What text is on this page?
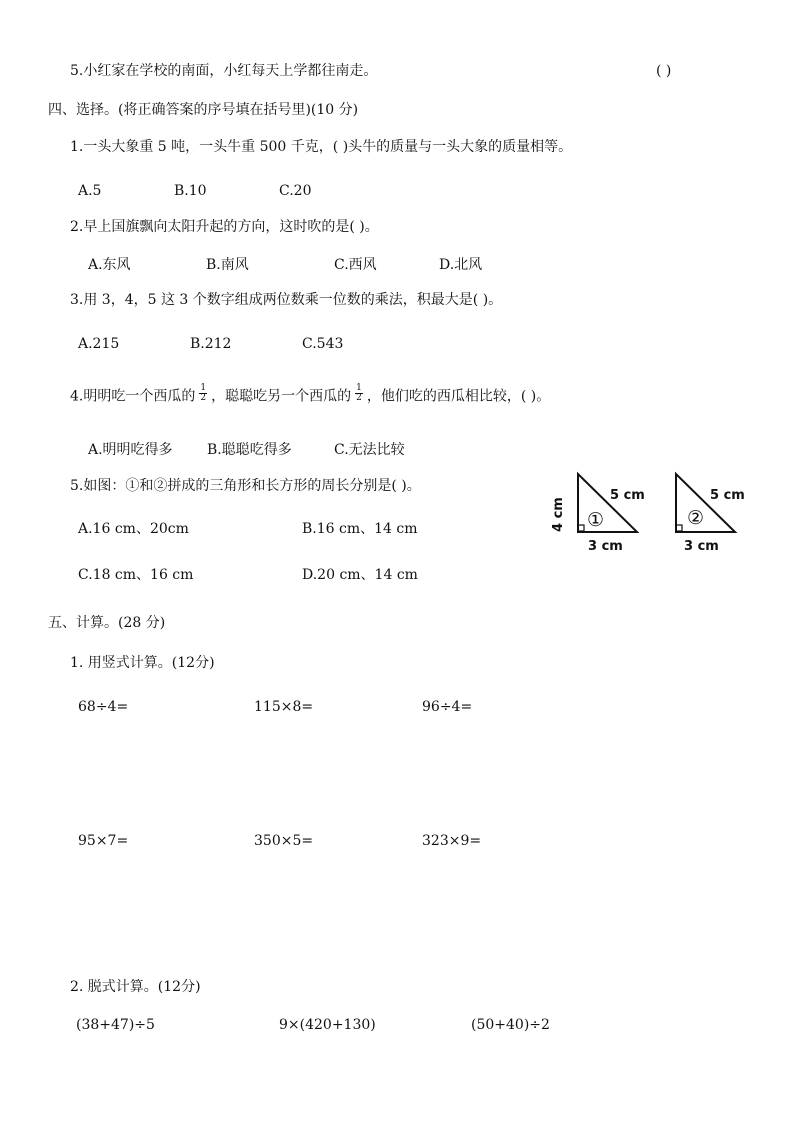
5.小红家在学校的南面，小红每天上学都往南走。	( )
四、选择。(将正确答案的序号填在括号里)(10 分)
1.一头大象重 5 吨，一头牛重 500 千克，( )头牛的质量与一头大象的质量相等。
A.5	B.10	C.20
2.早上国旗飘向太阳升起的方向，这时吹的是( )。
A.东风	B.南风	C.西风	D.北风
3.用 3，4，5 这 3 个数字组成两位数乘一位数的乘法，积最大是( )。
A.215	B.212	C.543
4.明明吃一个西瓜的 $\frac{1}{2}$ ，聪聪吃另一个西瓜的 $\frac{1}{2}$ ，他们吃的西瓜相比较，( )。
A.明明吃得多 B.聪聪吃得多	C.无法比较
5.如图：①和②拼成的三角形和长方形的周长分别是( )。
A.16 cm、20cm	B.16 cm、14 cm
C.18 cm、16 cm	D.20 cm、14 cm
4 cm
5 cm
3 cm
①
5 cm
3 cm
②
五、计算。(28 分)
1. 用竖式计算。(12分)
68÷4=	115×8=	96÷4=
95×7=	350×5=	323×9=
2. 脱式计算。(12分)
(38+47)÷5	9×(420+130)	(50+40)÷2
